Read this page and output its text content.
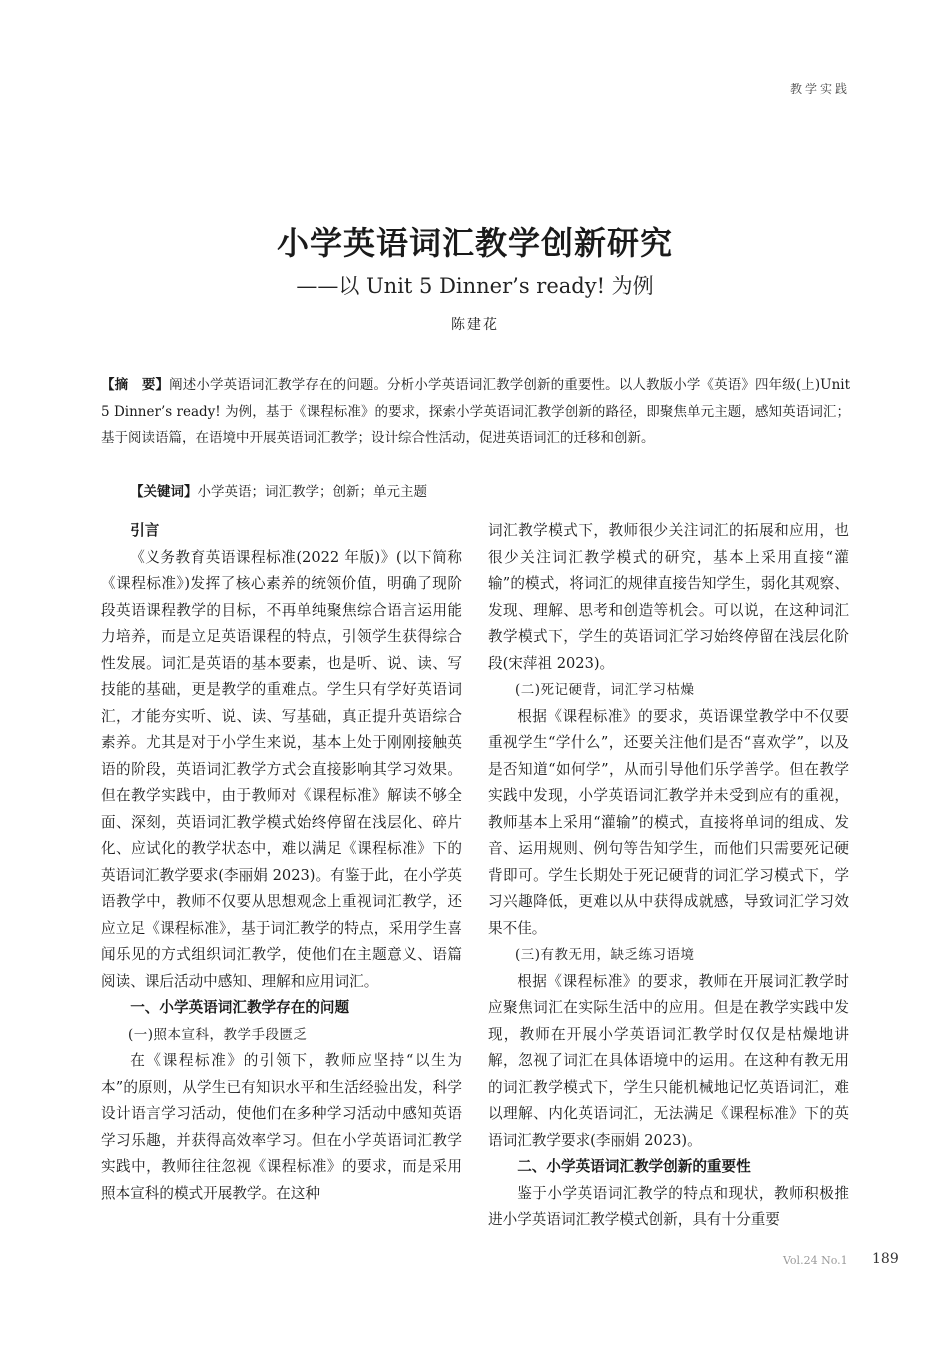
教学实践
小学英语词汇教学创新研究
——以 Unit 5 Dinner’s ready! 为例
陈建花
【摘　要】阐述小学英语词汇教学存在的问题。分析小学英语词汇教学创新的重要性。以人教版小学《英语》四年级(上)Unit 5 Dinner’s ready! 为例，基于《课程标准》的要求，探索小学英语词汇教学创新的路径，即聚焦单元主题，感知英语词汇；基于阅读语篇，在语境中开展英语词汇教学；设计综合性活动，促进英语词汇的迁移和创新。
【关键词】小学英语；词汇教学；创新；单元主题
引言

《义务教育英语课程标准(2022 年版)》(以下简称《课程标准》)发挥了核心素养的统领价值，明确了现阶段英语课程教学的目标，不再单纯聚焦综合语言运用能力培养，而是立足英语课程的特点，引领学生获得综合性发展。词汇是英语的基本要素，也是听、说、读、写技能的基础，更是教学的重难点。学生只有学好英语词汇，才能夯实听、说、读、写基础，真正提升英语综合素养。尤其是对于小学生来说，基本上处于刚刚接触英语的阶段，英语词汇教学方式会直接影响其学习效果。但在教学实践中，由于教师对《课程标准》解读不够全面、深刻，英语词汇教学模式始终停留在浅层化、碎片化、应试化的教学状态中，难以满足《课程标准》下的英语词汇教学要求(李丽娟 2023)。有鉴于此，在小学英语教学中，教师不仅要从思想观念上重视词汇教学，还应立足《课程标准》，基于词汇教学的特点，采用学生喜闻乐见的方式组织词汇教学，使他们在主题意义、语篇阅读、课后活动中感知、理解和应用词汇。

一、小学英语词汇教学存在的问题
(一)照本宣科，教学手段匮乏

在《课程标准》的引领下，教师应坚持“以生为本”的原则，从学生已有知识水平和生活经验出发，科学设计语言学习活动，使他们在多种学习活动中感知英语学习乐趣，并获得高效率学习。但在小学英语词汇教学实践中，教师往往忽视《课程标准》的要求，而是采用照本宣科的模式开展教学。在这种

词汇教学模式下，教师很少关注词汇的拓展和应用，也很少关注词汇教学模式的研究，基本上采用直接“灌输”的模式，将词汇的规律直接告知学生，弱化其观察、发现、理解、思考和创造等机会。可以说，在这种词汇教学模式下，学生的英语词汇学习始终停留在浅层化阶段(宋萍祖 2023)。

(二)死记硬背，词汇学习枯燥

根据《课程标准》的要求，英语课堂教学中不仅要重视学生“学什么”，还要关注他们是否“喜欢学”，以及是否知道“如何学”，从而引导他们乐学善学。但在教学实践中发现，小学英语词汇教学并未受到应有的重视，教师基本上采用“灌输”的模式，直接将单词的组成、发音、运用规则、例句等告知学生，而他们只需要死记硬背即可。学生长期处于死记硬背的词汇学习模式下，学习兴趣降低，更难以从中获得成就感，导致词汇学习效果不佳。

(三)有教无用，缺乏练习语境

根据《课程标准》的要求，教师在开展词汇教学时应聚焦词汇在实际生活中的应用。但是在教学实践中发现，教师在开展小学英语词汇教学时仅仅是枯燥地讲解，忽视了词汇在具体语境中的运用。在这种有教无用的词汇教学模式下，学生只能机械地记忆英语词汇，难以理解、内化英语词汇，无法满足《课程标准》下的英语词汇教学要求(李丽娟 2023)。

二、小学英语词汇教学创新的重要性

鉴于小学英语词汇教学的特点和现状，教师积极推进小学英语词汇教学模式创新，具有十分重要

Vol.24 No.1 189
